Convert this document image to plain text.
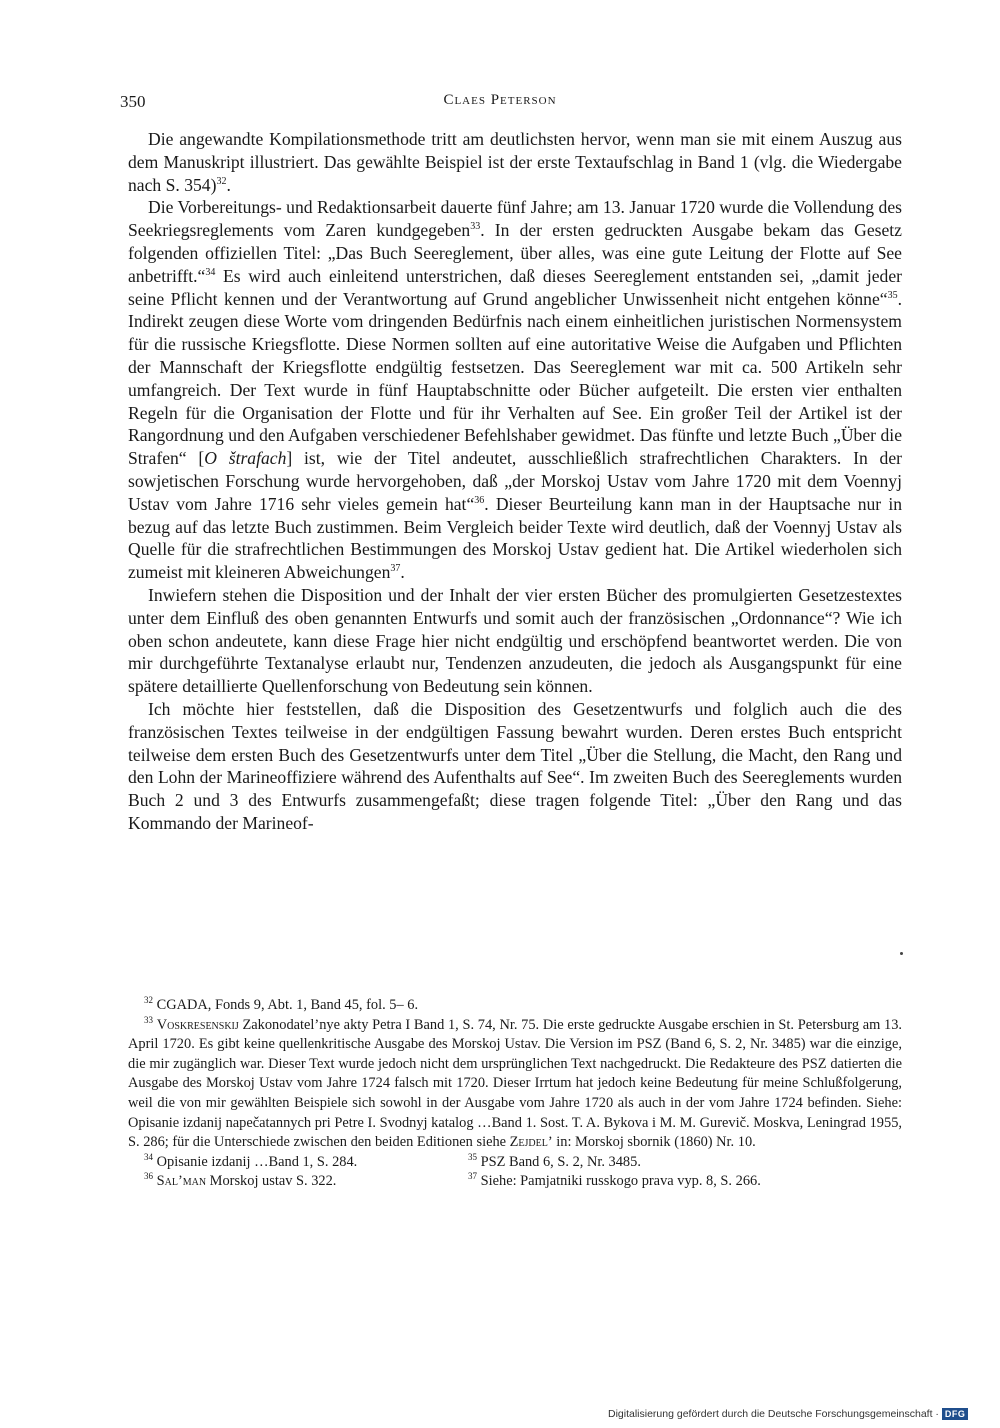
350	Claes Peterson

Die angewandte Kompilationsmethode tritt am deutlichsten hervor, wenn man sie mit einem Auszug aus dem Manuskript illustriert. Das gewählte Beispiel ist der erste Textaufschlag in Band 1 (vlg. die Wiedergabe nach S. 354)$^{32}$.

Die Vorbereitungs- und Redaktionsarbeit dauerte fünf Jahre; am 13. Januar 1720 wurde die Vollendung des Seekriegsreglements vom Zaren kundgegeben$^{33}$. In der ersten gedruckten Ausgabe bekam das Gesetz folgenden offiziellen Titel: „Das Buch Seereglement, über alles, was eine gute Leitung der Flotte auf See anbetrifft.“$^{34}$ Es wird auch einleitend unterstrichen, daß dieses Seereglement entstanden sei, „damit jeder seine Pflicht kennen und der Verantwortung auf Grund angeblicher Unwissenheit nicht entgehen könne“$^{35}$. Indirekt zeugen diese Worte vom dringenden Bedürfnis nach einem einheitlichen juristischen Normensystem für die russische Kriegsflotte. Diese Normen sollten auf eine autoritative Weise die Aufgaben und Pflichten der Mannschaft der Kriegsflotte endgültig festsetzen. Das Seereglement war mit ca. 500 Artikeln sehr umfangreich. Der Text wurde in fünf Hauptabschnitte oder Bücher aufgeteilt. Die ersten vier enthalten Regeln für die Organisation der Flotte und für ihr Verhalten auf See. Ein großer Teil der Artikel ist der Rangordnung und den Aufgaben verschiedener Befehlshaber gewidmet. Das fünfte und letzte Buch „Über die Strafen“ [O štrafach] ist, wie der Titel andeutet, ausschließlich strafrechtlichen Charakters. In der sowjetischen Forschung wurde hervorgehoben, daß „der Morskoj Ustav vom Jahre 1720 mit dem Voennyj Ustav vom Jahre 1716 sehr vieles gemein hat“$^{36}$. Dieser Beurteilung kann man in der Hauptsache nur in bezug auf das letzte Buch zustimmen. Beim Vergleich beider Texte wird deutlich, daß der Voennyj Ustav als Quelle für die strafrechtlichen Bestimmungen des Morskoj Ustav gedient hat. Die Artikel wiederholen sich zumeist mit kleineren Abweichungen$^{37}$.

Inwiefern stehen die Disposition und der Inhalt der vier ersten Bücher des promulgierten Gesetzestextes unter dem Einfluß des oben genannten Entwurfs und somit auch der französischen „Ordonnance“? Wie ich oben schon andeutete, kann diese Frage hier nicht endgültig und erschöpfend beantwortet werden. Die von mir durchgeführte Textanalyse erlaubt nur, Tendenzen anzudeuten, die jedoch als Ausgangspunkt für eine spätere detaillierte Quellenforschung von Bedeutung sein können.

Ich möchte hier feststellen, daß die Disposition des Gesetzentwurfs und folglich auch die des französischen Textes teilweise in der endgültigen Fassung bewahrt wurden. Deren erstes Buch entspricht teilweise dem ersten Buch des Gesetzentwurfs unter dem Titel „Über die Stellung, die Macht, den Rang und den Lohn der Marineoffiziere während des Aufenthalts auf See“. Im zweiten Buch des Seereglements wurden Buch 2 und 3 des Entwurfs zusammengefaßt; diese tragen folgende Titel: „Über den Rang und das Kommando der Marineof-

$^{32}$ CGADA, Fonds 9, Abt. 1, Band 45, fol. 5– 6.

$^{33}$ Voskresenskij Zakonodatel’nye akty Petra I Band 1, S. 74, Nr. 75. Die erste gedruckte Ausgabe erschien in St. Petersburg am 13. April 1720. Es gibt keine quellenkritische Ausgabe des Morskoj Ustav. Die Version im PSZ (Band 6, S. 2, Nr. 3485) war die einzige, die mir zugänglich war. Dieser Text wurde jedoch nicht dem ursprünglichen Text nachgedruckt. Die Redakteure des PSZ datierten die Ausgabe des Morskoj Ustav vom Jahre 1724 falsch mit 1720. Dieser Irrtum hat jedoch keine Bedeutung für meine Schlußfolgerung, weil die von mir gewählten Beispiele sich sowohl in der Ausgabe vom Jahre 1720 als auch in der vom Jahre 1724 befinden. Siehe: Opisanie izdanij napečatannych pri Petre I. Svodnyj katalog …Band 1. Sost. T. A. Bykova i M. M. Gurevič. Moskva, Leningrad 1955, S. 286; für die Unterschiede zwischen den beiden Editionen siehe Zejdel’ in: Morskoj sbornik (1860) Nr. 10.

$^{34}$ Opisanie izdanij …Band 1, S. 284.	$^{35}$ PSZ Band 6, S. 2, Nr. 3485.
$^{36}$ Sal’man Morskoj ustav S. 322.	$^{37}$ Siehe: Pamjatniki russkogo prava vyp. 8, S. 266.
Digitalisierung gefördert durch die Deutsche Forschungsgemeinschaft · DFG
